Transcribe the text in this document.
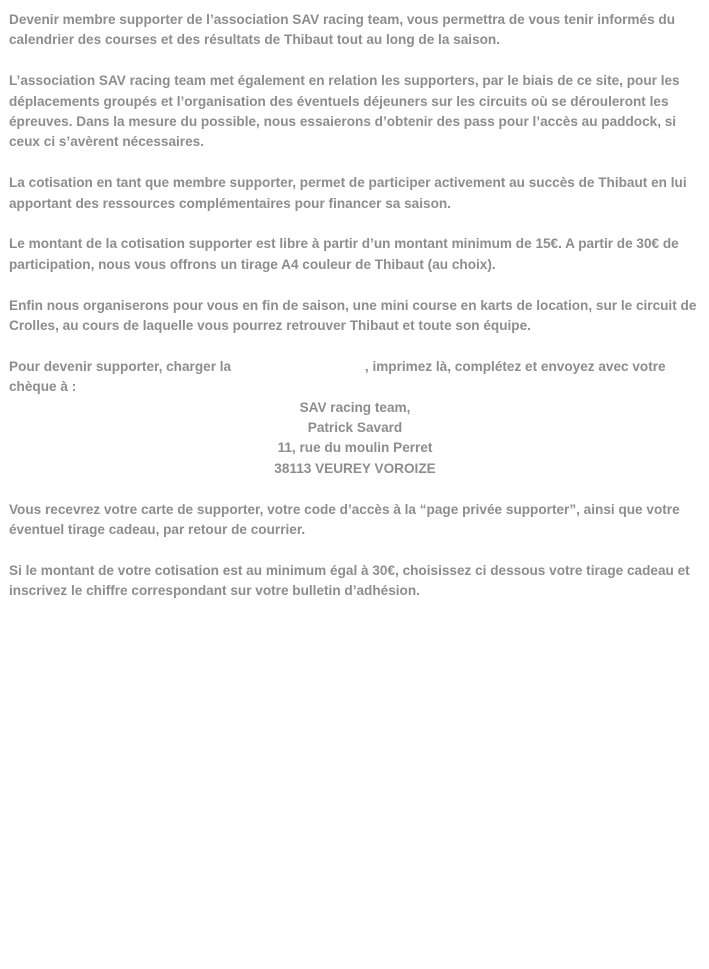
Devenir membre supporter de l’association SAV racing team, vous permettra de vous tenir informés du calendrier des courses et des résultats de Thibaut tout au long de la saison.

L’association SAV racing team met également en relation les supporters, par le biais de ce site, pour les déplacements groupés et l’organisation des éventuels déjeuners sur les circuits où se dérouleront les épreuves. Dans la mesure du possible, nous essaierons d’obtenir des pass pour l’accès au paddock, si ceux ci s’avèrent nécessaires.

La cotisation en tant que membre supporter, permet de participer activement au succès de Thibaut en lui apportant des ressources complémentaires pour financer sa saison.

Le montant de la cotisation supporter est libre à partir d’un montant minimum de 15€. A partir de 30€ de participation, nous vous offrons un tirage A4 couleur de Thibaut (au choix).

Enfin nous organiserons pour vous en fin de saison, une mini course en karts de location, sur le circuit de Crolles, au cours de laquelle vous pourrez retrouver Thibaut et toute son équipe.

Pour devenir supporter, charger la	, imprimez là, complétez et envoyez avec votre chèque à :

SAV racing team,
Patrick Savard
11, rue du moulin Perret
38113 VEUREY VOROIZE

Vous recevrez votre carte de supporter, votre code d’accès à la “page privée supporter”, ainsi que votre éventuel tirage cadeau, par retour de courrier.

Si le montant de votre cotisation est au minimum égal à 30€, choisissez ci dessous votre tirage cadeau et inscrivez le chiffre correspondant sur votre bulletin d’adhésion.
